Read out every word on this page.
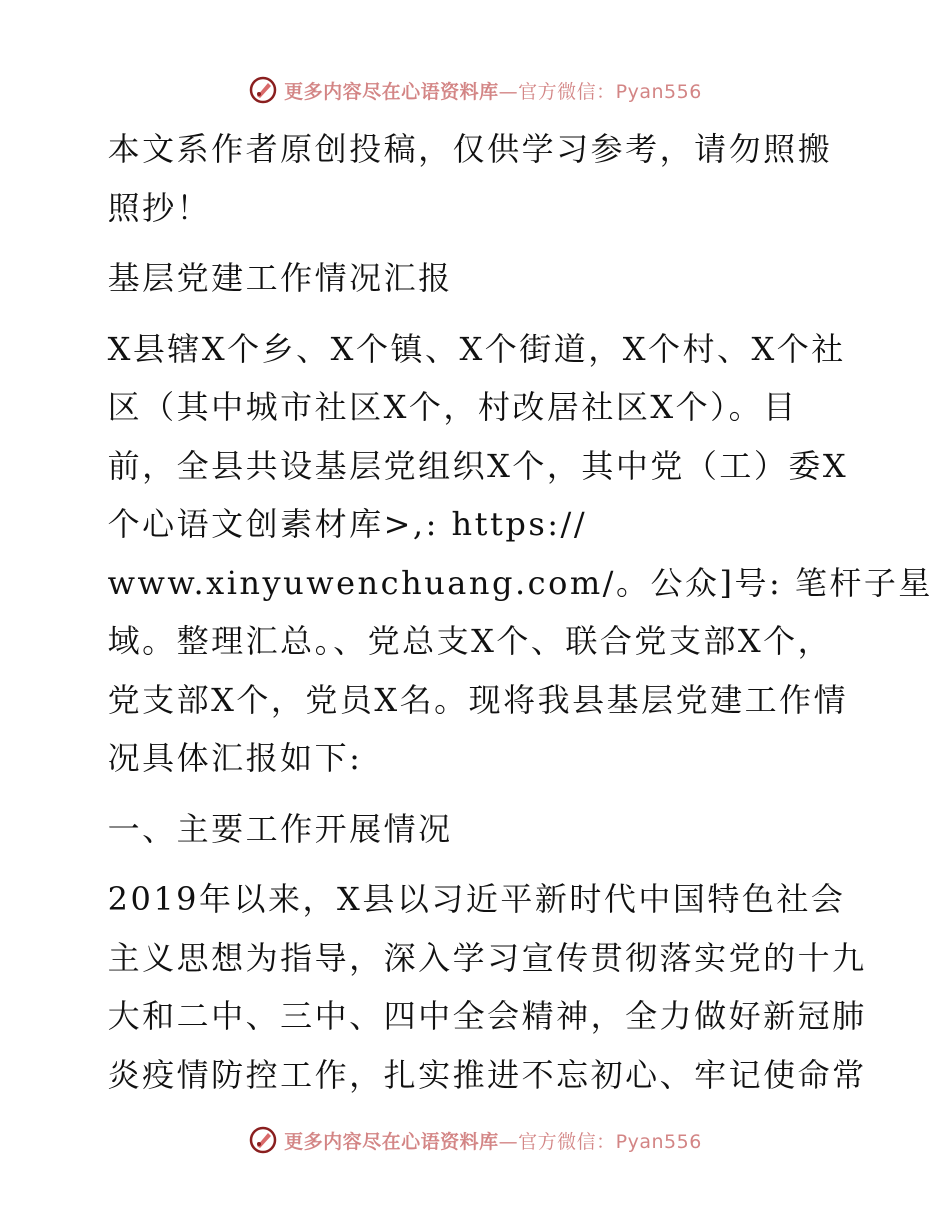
更多内容尽在心语资料库—官方微信：Pyan556
本文系作者原创投稿，仅供学习参考，请勿照搬
照抄！
基层党建工作情况汇报
X县辖X个乡、X个镇、X个街道，X个村、X个社
区（其中城市社区X个，村改居社区X个）。目
前，全县共设基层党组织X个，其中党（工）委X
个心语文创素材库>,: https://
www.xinyuwenchuang.com/。公众]号: 笔杆子星
域。整理汇总。、党总支X个、联合党支部X个，
党支部X个，党员X名。现将我县基层党建工作情
况具体汇报如下:
一、主要工作开展情况
2019年以来，X县以习近平新时代中国特色社会
主义思想为指导，深入学习宣传贯彻落实党的十九
大和二中、三中、四中全会精神，全力做好新冠肺
炎疫情防控工作，扎实推进不忘初心、牢记使命常
更多内容尽在心语资料库—官方微信：Pyan556
